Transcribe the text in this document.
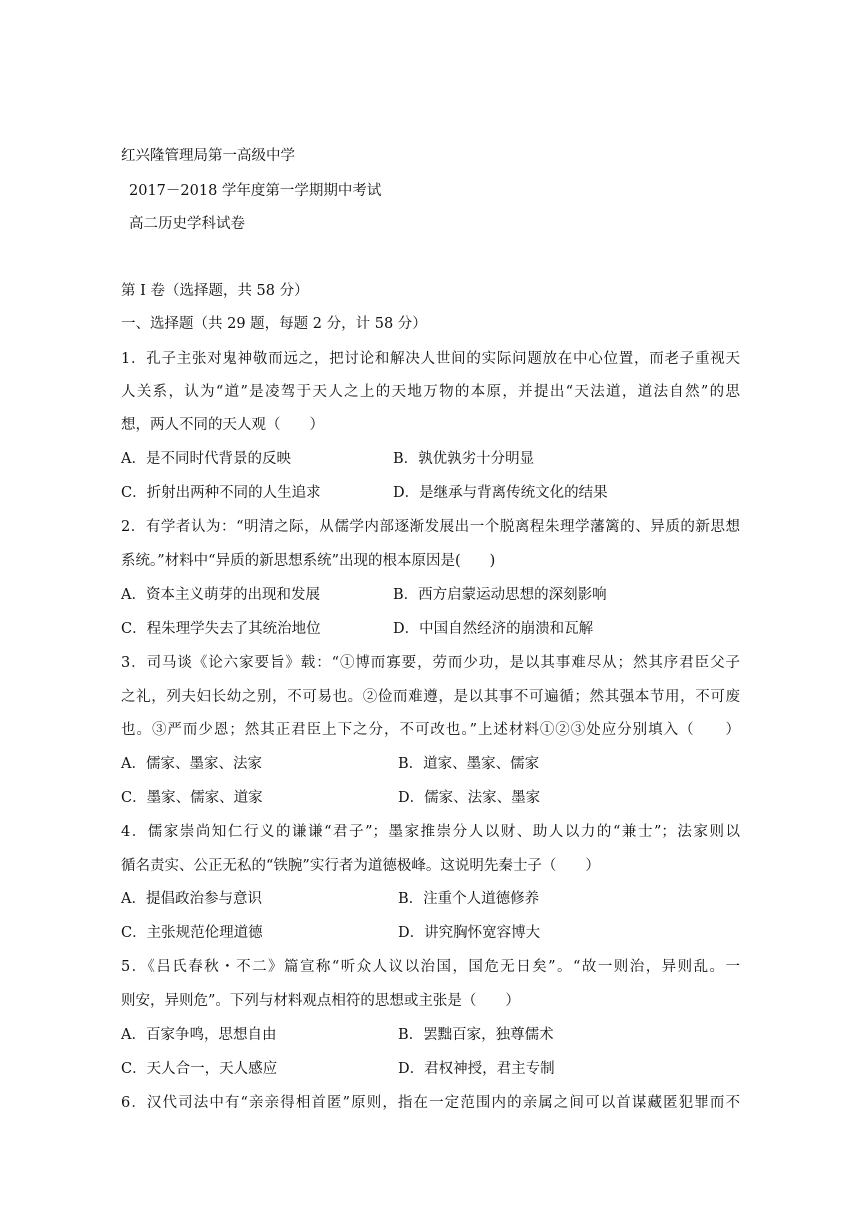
红兴隆管理局第一高级中学
2017－2018 学年度第一学期期中考试
高二历史学科试卷
第 I 卷（选择题，共 58 分）
一、选择题（共 29 题，每题 2 分，计 58 分）
1．孔子主张对鬼神敬而远之，把讨论和解决人世间的实际问题放在中心位置，而老子重视天
人关系，认为“道”是凌驾于天人之上的天地万物的本原，并提出“天法道，道法自然”的思
想，两人不同的天人观（　　）
A．是不同时代背景的反映	B．孰优孰劣十分明显
C．折射出两种不同的人生追求	D．是继承与背离传统文化的结果
2．有学者认为：“明清之际，从儒学内部逐渐发展出一个脱离程朱理学藩篱的、异质的新思想
系统。”材料中“异质的新思想系统”出现的根本原因是(　　)
A．资本主义萌芽的出现和发展	B．西方启蒙运动思想的深刻影响
C．程朱理学失去了其统治地位	D．中国自然经济的崩溃和瓦解
3．司马谈《论六家要旨》载：“①博而寡要，劳而少功，是以其事难尽从；然其序君臣父子
之礼，列夫妇长幼之别，不可易也。②俭而难遵，是以其事不可遍循；然其强本节用，不可废
也。③严而少恩；然其正君臣上下之分，不可改也。”上述材料①②③处应分别填入（　　）
A．儒家、墨家、法家	B．道家、墨家、儒家
C．墨家、儒家、道家	D．儒家、法家、墨家
4．儒家崇尚知仁行义的谦谦“君子”；墨家推崇分人以财、助人以力的“兼士”；法家则以
循名责实、公正无私的“铁腕”实行者为道德极峰。这说明先秦士子（　　）
A．提倡政治参与意识	B．注重个人道德修养
C．主张规范伦理道德	D．讲究胸怀宽容博大
5．《吕氏春秋・不二》篇宣称“听众人议以治国，国危无日矣”。“故一则治，异则乱。一
则安，异则危”。下列与材料观点相符的思想或主张是（　　）
A．百家争鸣，思想自由	B．罢黜百家，独尊儒术
C．天人合一，天人感应	D．君权神授，君主专制
6．汉代司法中有“亲亲得相首匿”原则，指在一定范围内的亲属之间可以首谋藏匿犯罪而不
